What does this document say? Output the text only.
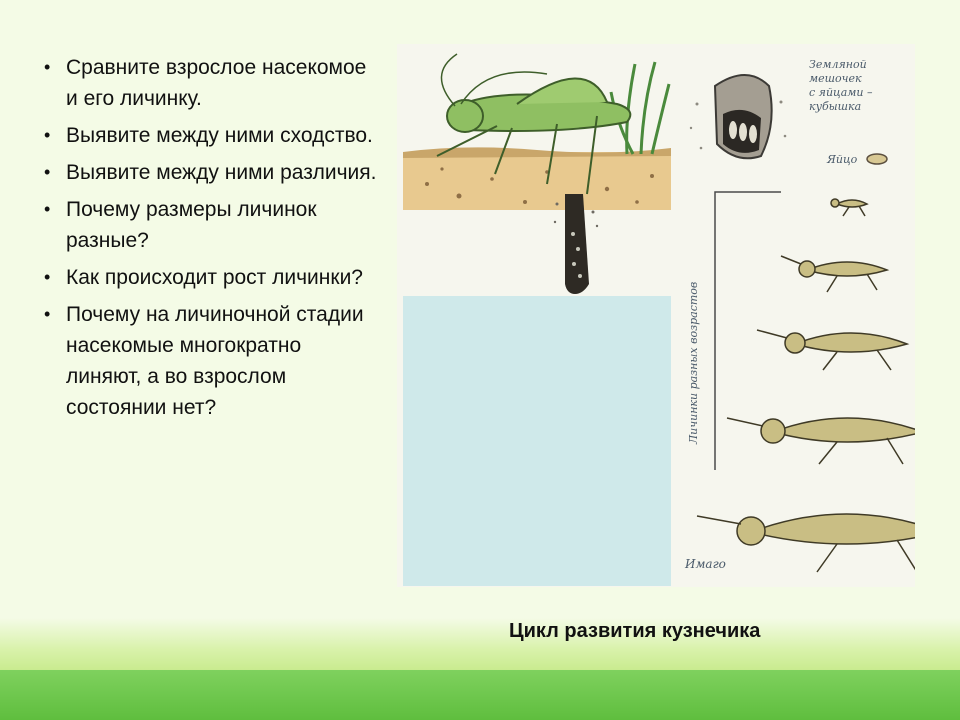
• Сравните взрослое насекомое и его личинку.
• Выявите между ними сходство.
• Выявите между ними различия.
• Почему размеры личинок разные?
• Как происходит рост личинки?
• Почему на личиночной стадии насекомые многократно линяют, а во взрослом состоянии нет?
Земляной
мешочек
с яйцами –
кубышка
Яйцо
Личинки разных возрастов
Имаго
Цикл развития кузнечика
